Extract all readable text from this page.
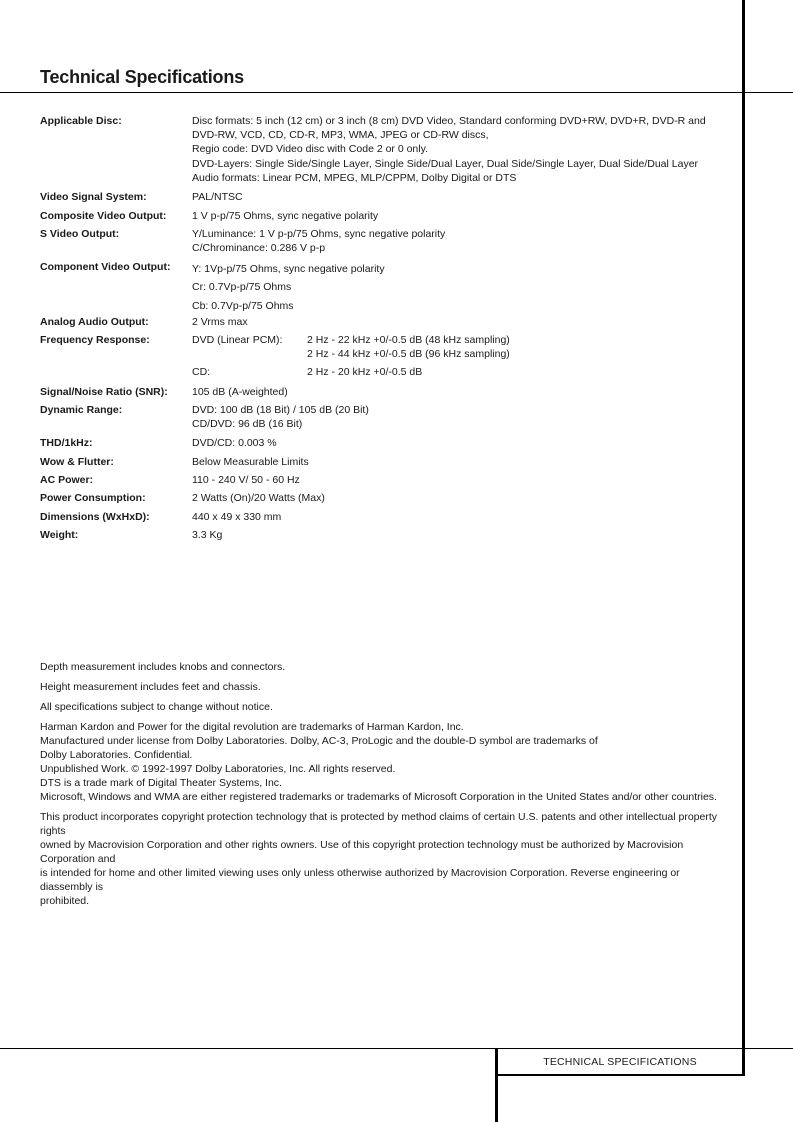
Technical Specifications
Applicable Disc:	Disc formats: 5 inch (12 cm) or 3 inch (8 cm) DVD Video, Standard conforming DVD+RW, DVD+R, DVD-R and
DVD-RW, VCD, CD, CD-R, MP3, WMA, JPEG or CD-RW discs,
Regio code: DVD Video disc with Code 2 or 0 only.
DVD-Layers: Single Side/Single Layer, Single Side/Dual Layer, Dual Side/Single Layer, Dual Side/Dual Layer
Audio formats: Linear PCM, MPEG, MLP/CPPM, Dolby Digital or DTS
Video Signal System:	PAL/NTSC
Composite Video Output:	1 V p-p/75 Ohms, sync negative polarity
S Video Output:	Y/Luminance: 1 V p-p/75 Ohms, sync negative polarity
C/Chrominance: 0.286 V p-p
Component Video Output:	Y: 1Vp-p/75 Ohms, sync negative polarity
Cr: 0.7Vp-p/75 Ohms
Cb: 0.7Vp-p/75 Ohms
Analog Audio Output:	2 Vrms max
Frequency Response:	DVD (Linear PCM):	2 Hz - 22 kHz +0/-0.5 dB (48 kHz sampling)
2 Hz - 44 kHz +0/-0.5 dB (96 kHz sampling)
CD:	2 Hz - 20 kHz +0/-0.5 dB
Signal/Noise Ratio (SNR):	105 dB (A-weighted)
Dynamic Range:	DVD: 100 dB (18 Bit) / 105 dB (20 Bit)
CD/DVD: 96 dB (16 Bit)
THD/1kHz:	DVD/CD: 0.003 %
Wow & Flutter:	Below Measurable Limits
AC Power:	110 - 240 V/ 50 - 60 Hz
Power Consumption:	2 Watts (On)/20 Watts (Max)
Dimensions (WxHxD):	440 x 49 x 330 mm
Weight:	3.3 Kg

Depth measurement includes knobs and connectors.

Height measurement includes feet and chassis.

All specifications subject to change without notice.

Harman Kardon and Power for the digital revolution are trademarks of Harman Kardon, Inc.

Manufactured under license from Dolby Laboratories. Dolby, AC-3, ProLogic and the double-D symbol are trademarks of

Dolby Laboratories. Confidential.

Unpublished Work. © 1992-1997 Dolby Laboratories, Inc. All rights reserved.

DTS is a trade mark of Digital Theater Systems, Inc.

Microsoft, Windows and WMA are either registered trademarks or trademarks of Microsoft Corporation in the United States and/or other countries.

This product incorporates copyright protection technology that is protected by method claims of certain U.S. patents and other intellectual property rights

owned by Macrovision Corporation and other rights owners. Use of this copyright protection technology must be authorized by Macrovision Corporation and

is intended for home and other limited viewing uses only unless otherwise authorized by Macrovision Corporation. Reverse engineering or diassembly is

prohibited.

TECHNICAL SPECIFICATIONS
